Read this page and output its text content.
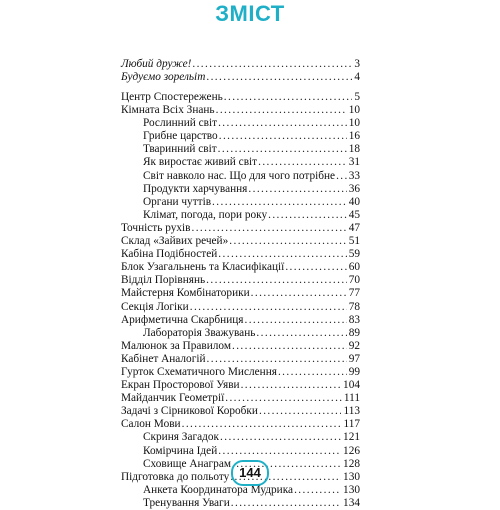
ЗМІСТ
Любий друже! .....	3
Будуємо зорельіт .....	4
Центр Спостережень .....	5
Кімната Всіх Знань .....	10
Рослинний світ .....	10
Грибне царство .....	16
Тваринний світ .....	18
Як виростає живий світ .....	31
Світ навколо нас. Що для чого потрібне ..... 33
Продукти харчування .....	36
Органи чуттів .....	40
Клімат, погода, пори року .....	45
Точність рухів .....	47
Склад «Зайвих речей» .....	51
Кабіна Подібностей .....	59
Блок Узагальнень та Класифікації .....	60
Відділ Порівнянь .....	70
Майстерня Комбінаторики .....	77
Секція Логіки .....	78
Арифметична Скарбниця .....	83
Лабораторія Зважувань .....	89
Малюнок за Правилом .....	92
Кабінет Аналогій .....	97
Гурток Схематичного Мислення .....	99
Екран Просторової Уяви .....	104
Майданчик Геометрії .....	111
Задачі з Сірникової Коробки .....	113
Салон Мови .....	117
Скриня Загадок .....	121
Комірчина Ідей .....	126
Сховище Анаграм .....	128
Підготовка до польоту .....	130
Анкета Координатора Мудрика .....	130
Тренування Уваги .....	134
144
